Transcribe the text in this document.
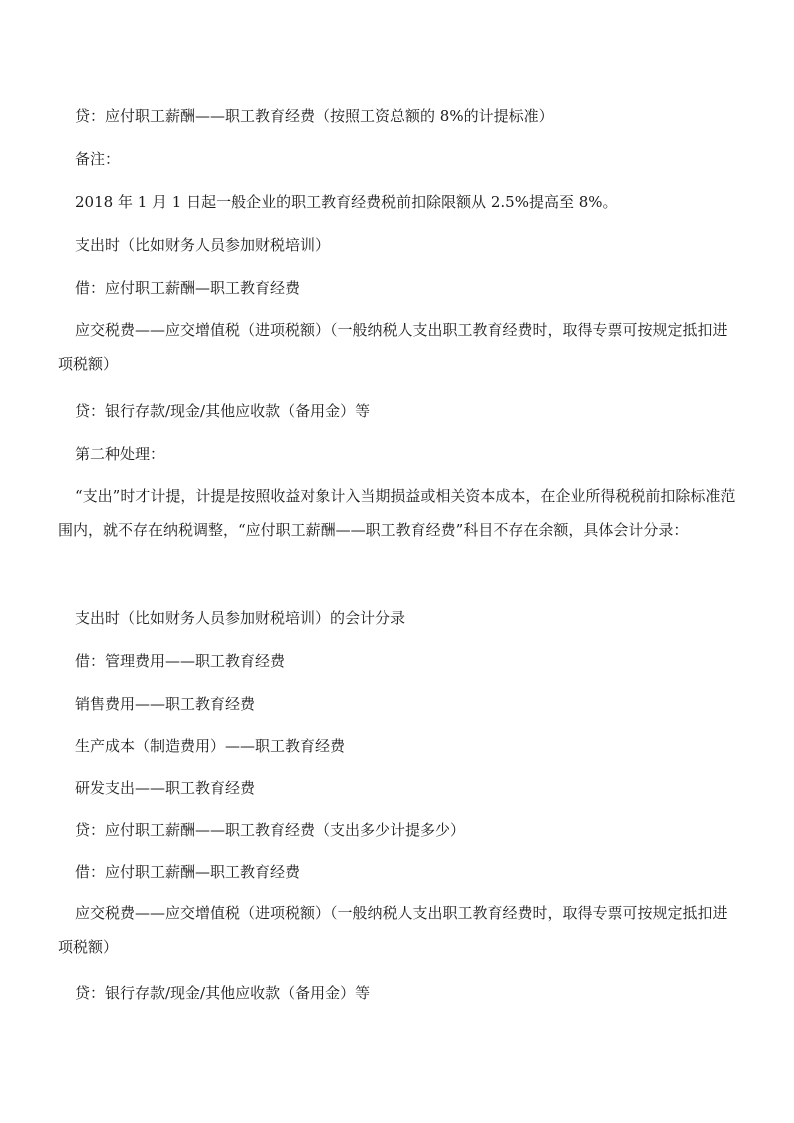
贷：应付职工薪酬——职工教育经费（按照工资总额的 8%的计提标准）

备注：

2018 年 1 月 1 日起一般企业的职工教育经费税前扣除限额从 2.5%提高至 8%。

支出时（比如财务人员参加财税培训）

借：应付职工薪酬—职工教育经费

应交税费——应交增值税（进项税额）（一般纳税人支出职工教育经费时，取得专票可按规定抵扣进项税额）

贷：银行存款/现金/其他应收款（备用金）等

第二种处理：

“支出”时才计提，计提是按照收益对象计入当期损益或相关资本成本，在企业所得税税前扣除标准范围内，就不存在纳税调整，“应付职工薪酬——职工教育经费”科目不存在余额，具体会计分录：

支出时（比如财务人员参加财税培训）的会计分录

借：管理费用——职工教育经费

销售费用——职工教育经费

生产成本（制造费用）——职工教育经费

研发支出——职工教育经费

贷：应付职工薪酬——职工教育经费（支出多少计提多少）

借：应付职工薪酬—职工教育经费

应交税费——应交增值税（进项税额）（一般纳税人支出职工教育经费时，取得专票可按规定抵扣进项税额）

贷：银行存款/现金/其他应收款（备用金）等
